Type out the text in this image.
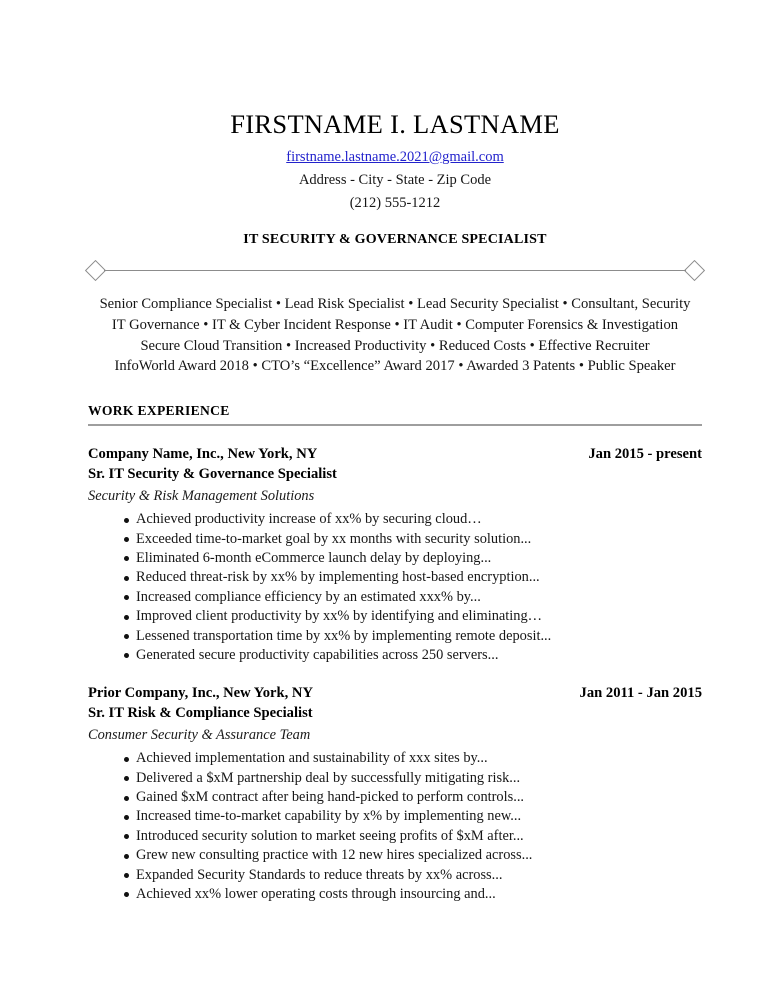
FIRSTNAME I. LASTNAME
firstname.lastname.2021@gmail.com
Address - City - State - Zip Code
(212) 555-1212
IT SECURITY & GOVERNANCE SPECIALIST
Senior Compliance Specialist • Lead Risk Specialist • Lead Security Specialist • Consultant, Security
IT Governance • IT & Cyber Incident Response • IT Audit • Computer Forensics & Investigation
Secure Cloud Transition • Increased Productivity • Reduced Costs • Effective Recruiter
InfoWorld Award 2018 • CTO’s “Excellence” Award 2017 • Awarded 3 Patents • Public Speaker
WORK EXPERIENCE
Company Name, Inc., New York, NY	Jan 2015 - present
Sr. IT Security & Governance Specialist
Security & Risk Management Solutions
Achieved productivity increase of xx% by securing cloud…
Exceeded time-to-market goal by xx months with security solution...
Eliminated 6-month eCommerce launch delay by deploying...
Reduced threat-risk by xx% by implementing host-based encryption...
Increased compliance efficiency by an estimated xxx% by...
Improved client productivity by xx% by identifying and eliminating…
Lessened transportation time by xx% by implementing remote deposit...
Generated secure productivity capabilities across 250 servers...
Prior Company, Inc., New York, NY	Jan 2011 - Jan 2015
Sr. IT Risk & Compliance Specialist
Consumer Security & Assurance Team
Achieved implementation and sustainability of xxx sites by...
Delivered a $xM partnership deal by successfully mitigating risk...
Gained $xM contract after being hand-picked to perform controls...
Increased time-to-market capability by x% by implementing new...
Introduced security solution to market seeing profits of $xM after...
Grew new consulting practice with 12 new hires specialized across...
Expanded Security Standards to reduce threats by xx% across...
Achieved xx% lower operating costs through insourcing and...
